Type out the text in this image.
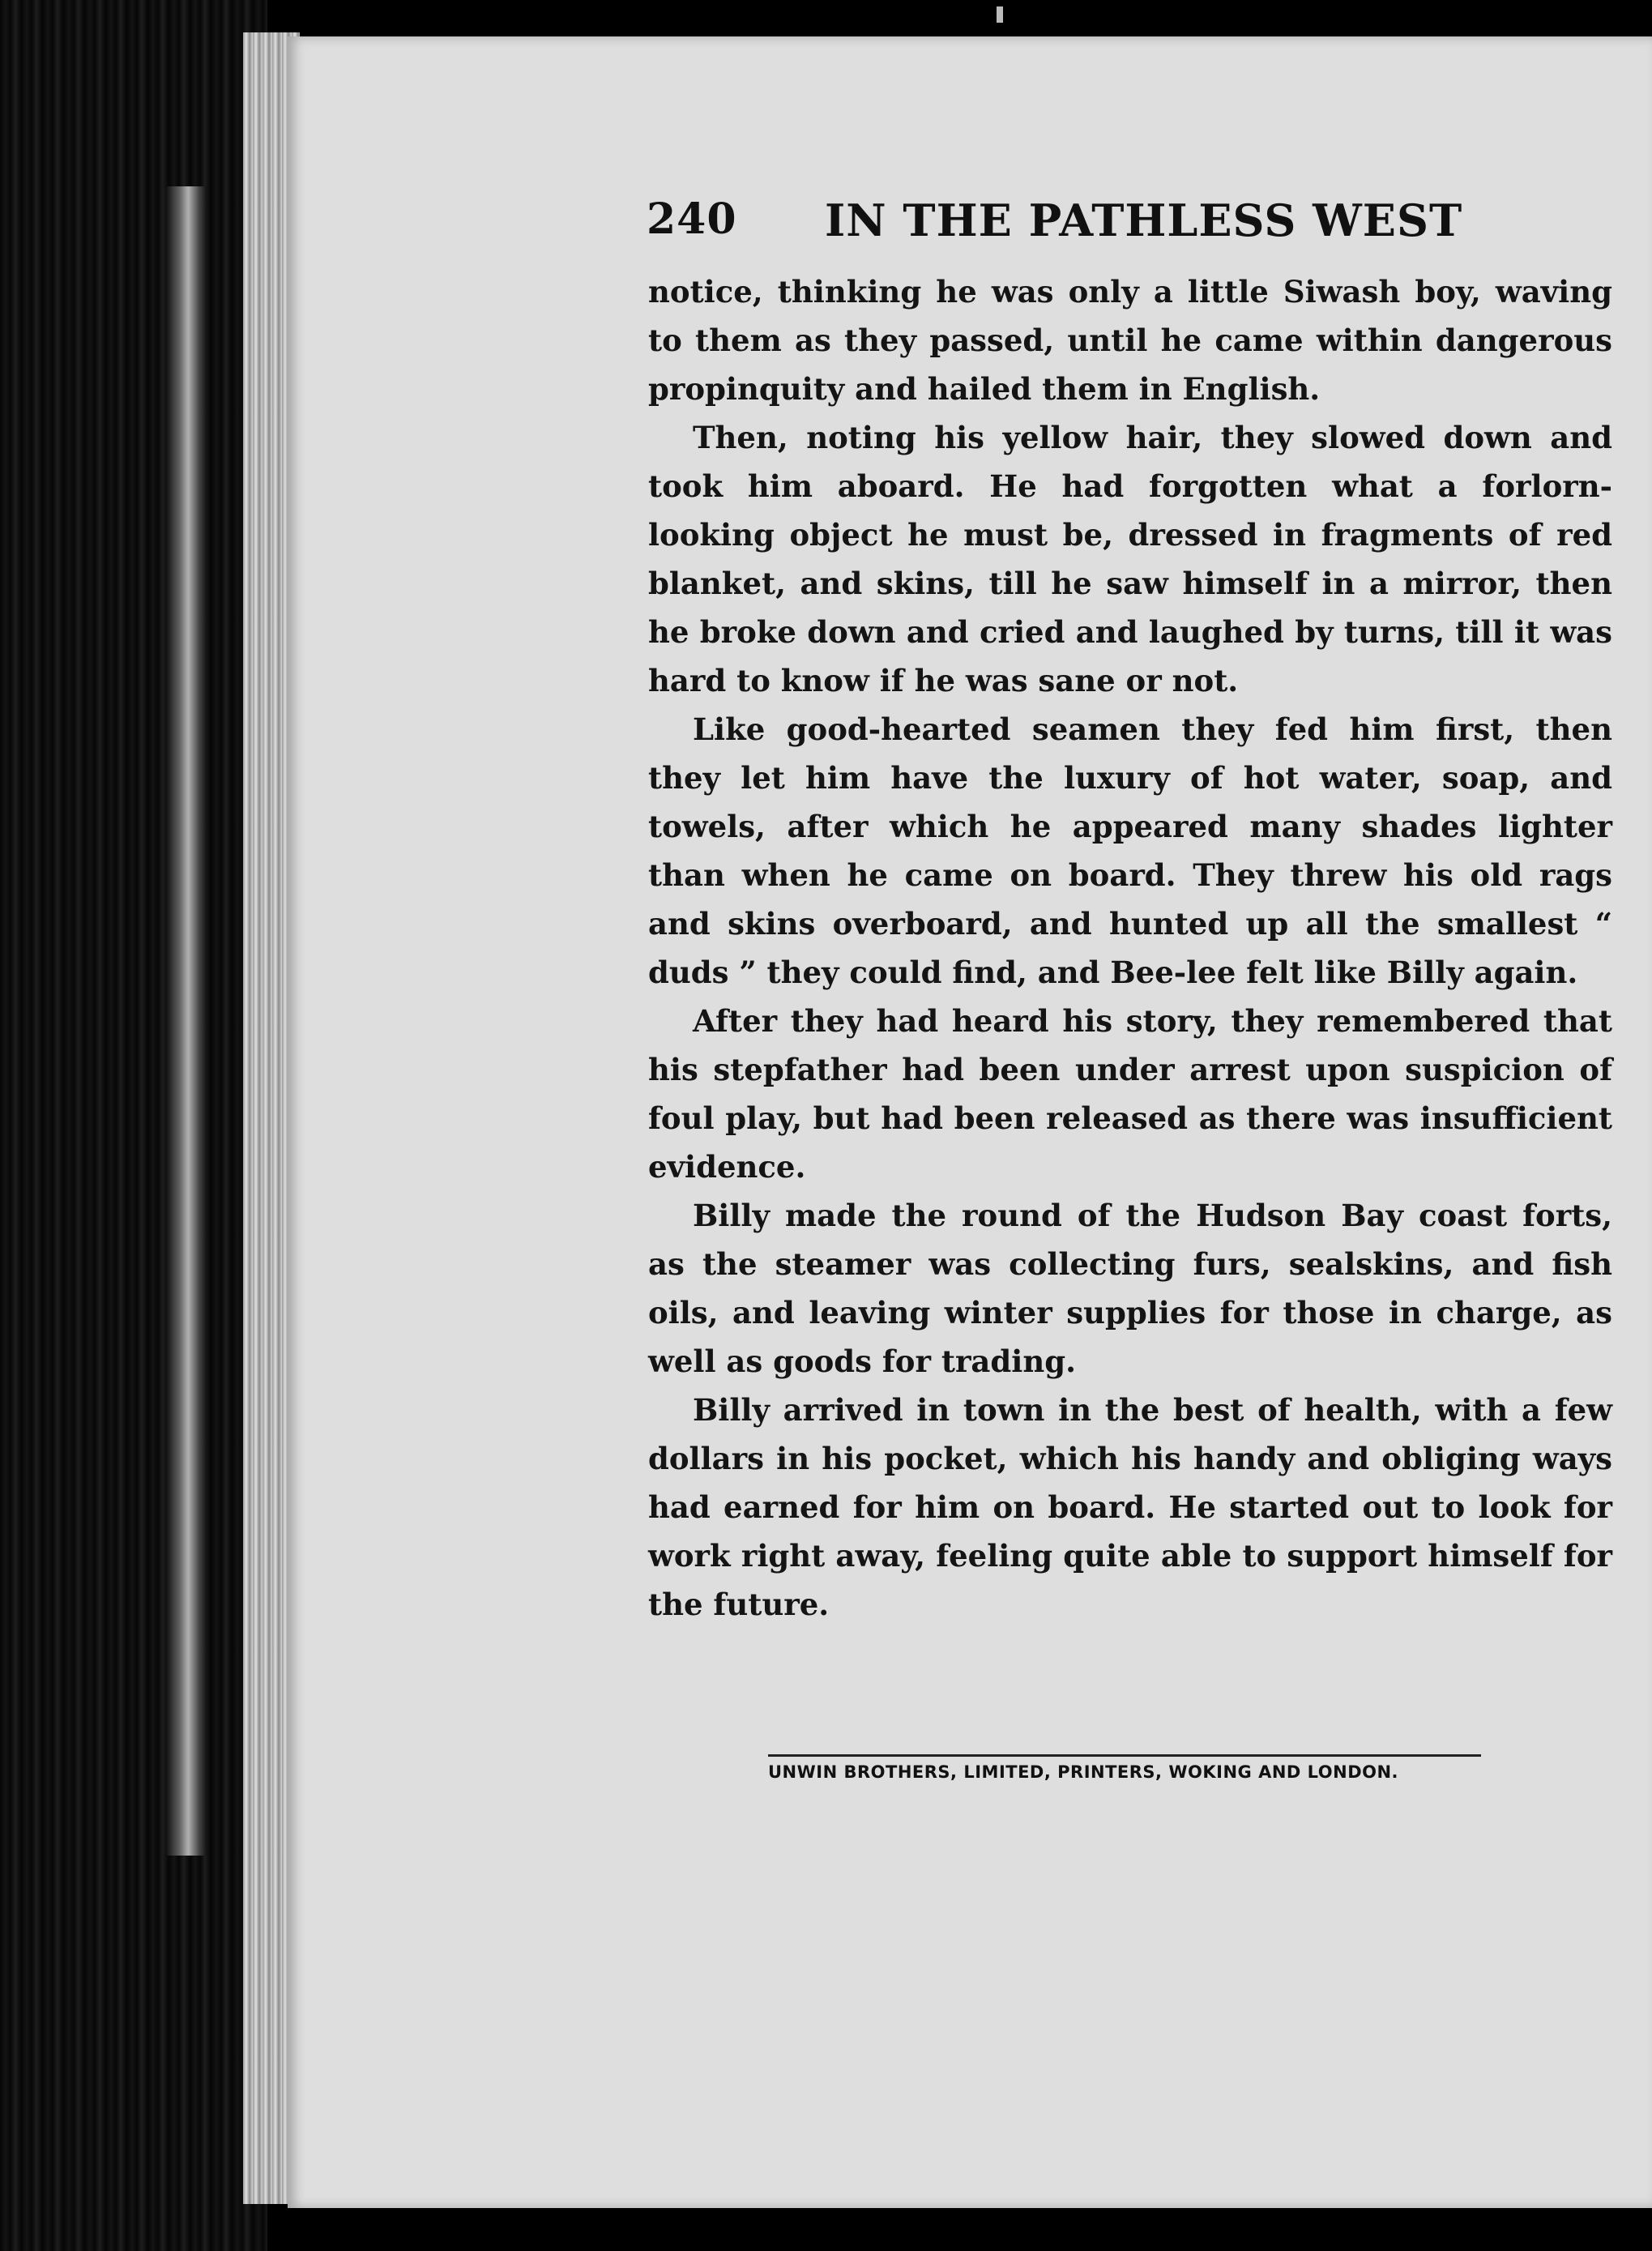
240 IN THE PATHLESS WEST

notice, thinking he was only a little Siwash boy, waving to them as they passed, until he came within dangerous propinquity and hailed them in English.

Then, noting his yellow hair, they slowed down and took him aboard. He had forgotten what a forlorn-looking object he must be, dressed in fragments of red blanket, and skins, till he saw himself in a mirror, then he broke down and cried and laughed by turns, till it was hard to know if he was sane or not.

Like good-hearted seamen they fed him first, then they let him have the luxury of hot water, soap, and towels, after which he appeared many shades lighter than when he came on board. They threw his old rags and skins overboard, and hunted up all the smallest “ duds ” they could find, and Bee-lee felt like Billy again.

After they had heard his story, they remembered that his stepfather had been under arrest upon suspicion of foul play, but had been released as there was insufficient evidence.

Billy made the round of the Hudson Bay coast forts, as the steamer was collecting furs, sealskins, and fish oils, and leaving winter supplies for those in charge, as well as goods for trading.

Billy arrived in town in the best of health, with a few dollars in his pocket, which his handy and obliging ways had earned for him on board. He started out to look for work right away, feeling quite able to support himself for the future.

UNWIN BROTHERS, LIMITED, PRINTERS, WOKING AND LONDON.
